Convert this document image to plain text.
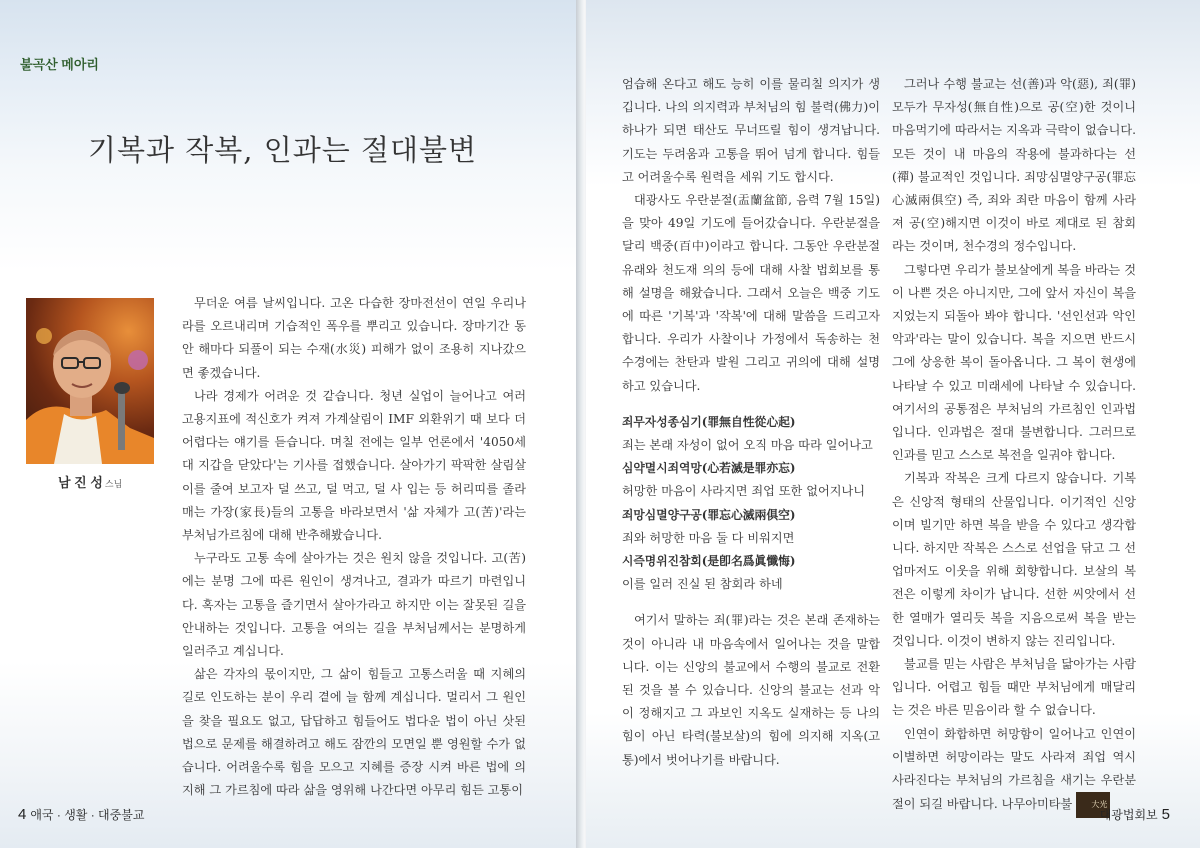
불곡산 메아리
기복과 작복, 인과는 절대불변
남 진 성 스님

무더운 여름 날씨입니다. 고온 다습한 장마전선이 연일 우리나라를 오르내리며 기습적인 폭우를 뿌리고 있습니다. 장마기간 동안 해마다 되풀이 되는 수재(水災) 피해가 없이 조용히 지나갔으면 좋겠습니다.

나라 경제가 어려운 것 같습니다. 청년 실업이 늘어나고 여러 고용지표에 적신호가 켜져 가계살림이 IMF 외환위기 때 보다 더 어렵다는 얘기를 듣습니다. 며칠 전에는 일부 언론에서 '4050세대 지갑을 닫았다'는 기사를 접했습니다. 살아가기 팍팍한 살림살이를 줄여 보고자 덜 쓰고, 덜 먹고, 덜 사 입는 등 허리띠를 졸라매는 가장(家長)들의 고통을 바라보면서 '삶 자체가 고(苦)'라는 부처님가르침에 대해 반추해봤습니다.

누구라도 고통 속에 살아가는 것은 원치 않을 것입니다. 고(苦)에는 분명 그에 따른 원인이 생겨나고, 결과가 따르기 마련입니다. 혹자는 고통을 즐기면서 살아가라고 하지만 이는 잘못된 길을 안내하는 것입니다. 고통을 여의는 길을 부처님께서는 분명하게 일러주고 계십니다.

삶은 각자의 몫이지만, 그 삶이 힘들고 고통스러울 때 지혜의 길로 인도하는 분이 우리 곁에 늘 함께 계십니다. 멀리서 그 원인을 찾을 필요도 없고, 답답하고 힘들어도 법다운 법이 아닌 삿된 법으로 문제를 해결하려고 해도 잠깐의 모면일 뿐 영원할 수가 없습니다. 어려울수록 힘을 모으고 지혜를 증장 시켜 바른 법에 의지해 그 가르침에 따라 삶을 영위해 나간다면 아무리 힘든 고통이

4 애국 · 생활 · 대중불교

엄습해 온다고 해도 능히 이를 물리칠 의지가 생깁니다. 나의 의지력과 부처님의 힘 불력(佛力)이 하나가 되면 태산도 무너뜨릴 힘이 생겨납니다. 기도는 두려움과 고통을 뛰어 넘게 합니다. 힘들고 어려울수록 원력을 세워 기도 합시다.

대광사도 우란분절(盂蘭盆節, 음력 7월 15일)을 맞아 49일 기도에 들어갔습니다. 우란분절을 달리 백중(百中)이라고 합니다. 그동안 우란분절 유래와 천도재 의의 등에 대해 사찰 법회보를 통해 설명을 해왔습니다. 그래서 오늘은 백중 기도에 따른 '기복'과 '작복'에 대해 말씀을 드리고자 합니다. 우리가 사찰이나 가정에서 독송하는 천수경에는 찬탄과 발원 그리고 귀의에 대해 설명하고 있습니다.

죄무자성종심기(罪無自性從心起)

죄는 본래 자성이 없어 오직 마음 따라 일어나고

심약멸시죄역망(心若滅是罪亦忘)

허망한 마음이 사라지면 죄업 또한 없어지나니

죄망심멸양구공(罪忘心滅兩俱空)

죄와 허망한 마음 둘 다 비워지면

시즉명위진참회(是卽名爲眞懺悔)

이를 일러 진실 된 참회라 하네

여기서 말하는 죄(罪)라는 것은 본래 존재하는 것이 아니라 내 마음속에서 일어나는 것을 말합니다. 이는 신앙의 불교에서 수행의 불교로 전환 된 것을 볼 수 있습니다. 신앙의 불교는 선과 악이 정해지고 그 과보인 지옥도 실재하는 등 나의 힘이 아닌 타력(불보살)의 힘에 의지해 지옥(고통)에서 벗어나기를 바랍니다.

그러나 수행 불교는 선(善)과 악(惡), 죄(罪) 모두가 무자성(無自性)으로 공(空)한 것이니 마음먹기에 따라서는 지옥과 극락이 없습니다. 모든 것이 내 마음의 작용에 불과하다는 선(禪) 불교적인 것입니다. 죄망심멸양구공(罪忘心滅兩俱空) 즉, 죄와 죄란 마음이 함께 사라져 공(空)해지면 이것이 바로 제대로 된 참회라는 것이며, 천수경의 정수입니다.

그렇다면 우리가 불보살에게 복을 바라는 것이 나쁜 것은 아니지만, 그에 앞서 자신이 복을 지었는지 되돌아 봐야 합니다. '선인선과 악인악과'라는 말이 있습니다. 복을 지으면 반드시 그에 상응한 복이 돌아옵니다. 그 복이 현생에 나타날 수 있고 미래세에 나타날 수 있습니다. 여기서의 공통점은 부처님의 가르침인 인과법입니다. 인과법은 절대 불변합니다. 그러므로 인과를 믿고 스스로 복전을 일궈야 합니다.

기복과 작복은 크게 다르지 않습니다. 기복은 신앙적 형태의 산물입니다. 이기적인 신앙이며 빌기만 하면 복을 받을 수 있다고 생각합니다. 하지만 작복은 스스로 선업을 닦고 그 선업마저도 이웃을 위해 회향합니다. 보살의 복전은 이렇게 차이가 납니다. 선한 씨앗에서 선한 열매가 열리듯 복을 지음으로써 복을 받는 것입니다. 이것이 변하지 않는 진리입니다.

불교를 믿는 사람은 부처님을 닮아가는 사람입니다. 어렵고 힘들 때만 부처님에게 매달리는 것은 바른 믿음이라 할 수 없습니다.

인연이 화합하면 허망함이 일어나고 인연이 이별하면 허망이라는 말도 사라져 죄업 역시 사라진다는 부처님의 가르침을 새기는 우란분절이 되길 바랍니다. 나무아미타불 大光

대광법회보 5
